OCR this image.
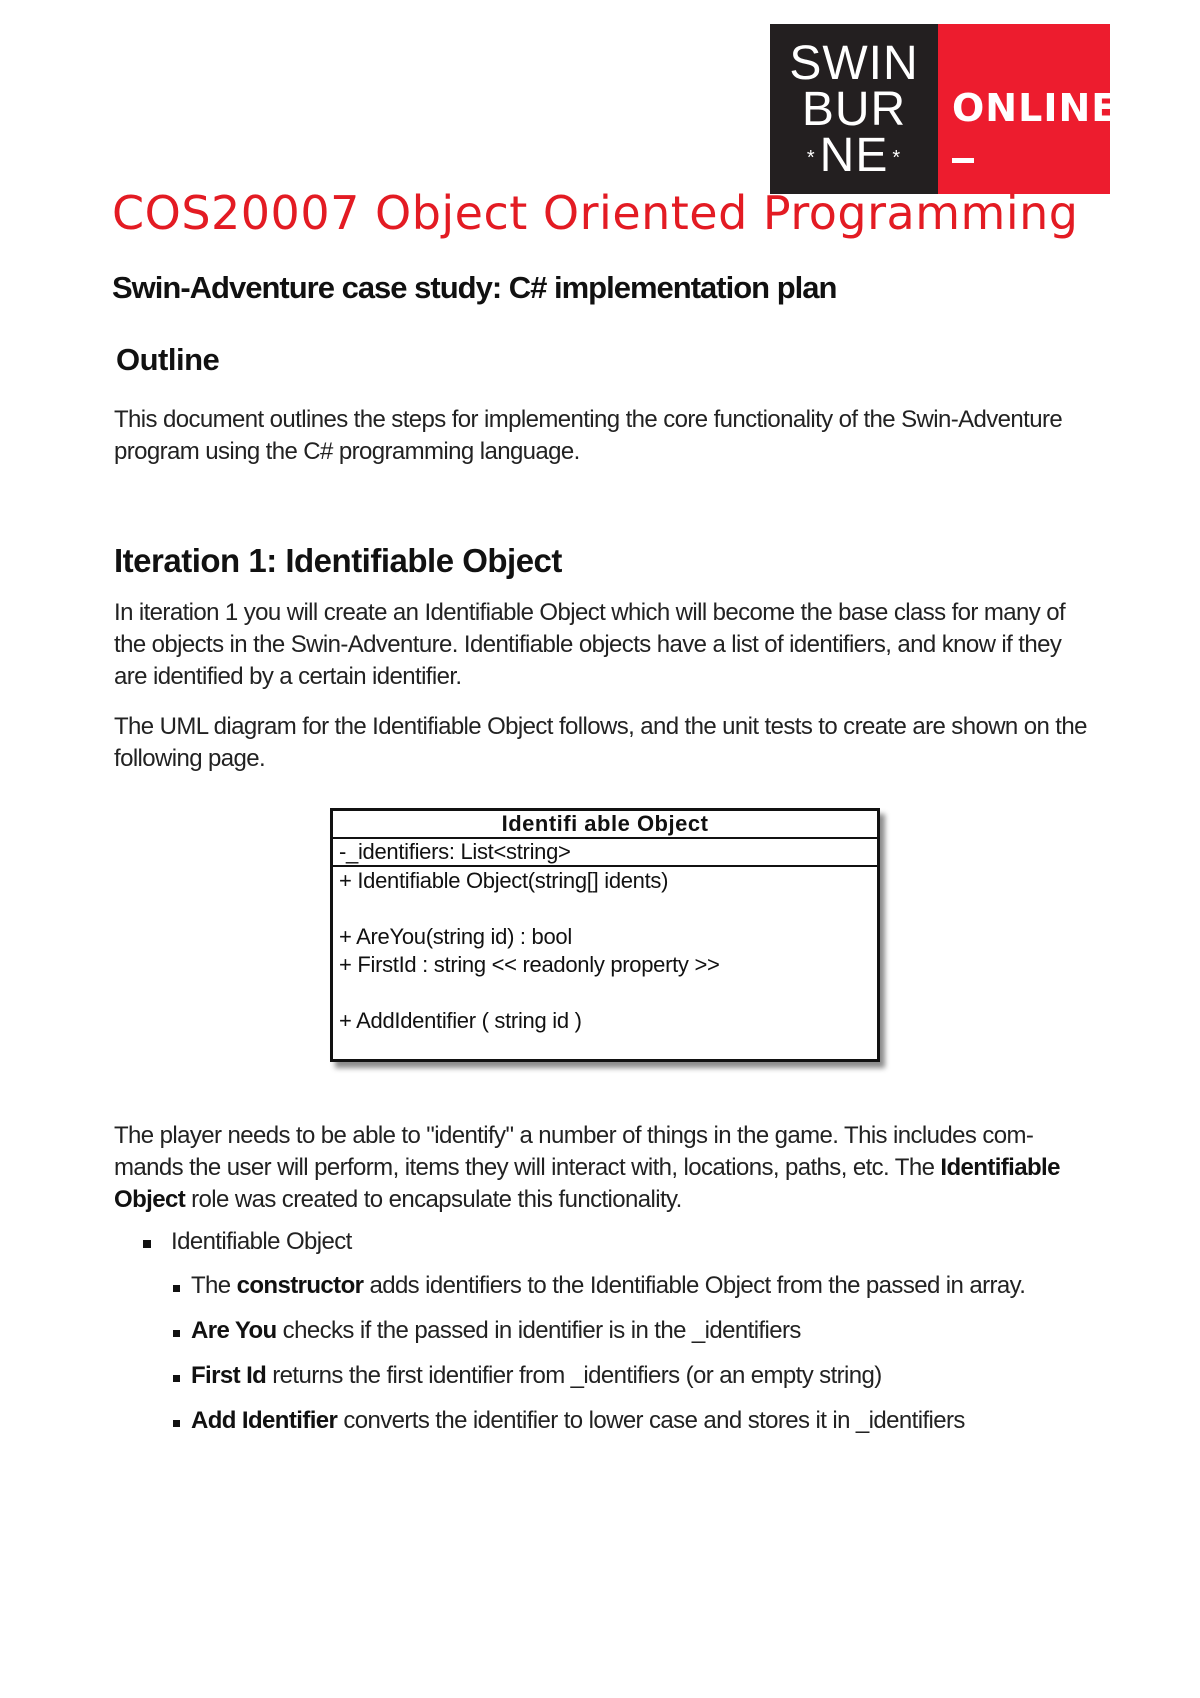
SWIN
BUR
*NE *
ONLINE
COS20007 Object Oriented Programming
Swin-Adventure case study: C# implementation plan
Outline

This document outlines the steps for implementing the core functionality of the Swin-Adventure program using the C# programming language.

Iteration 1: Identifiable Object

In iteration 1 you will create an Identifiable Object which will become the base class for many of the objects in the Swin-Adventure. Identifiable objects have a list of identifiers, and know if they are identified by a certain identifier.

The UML diagram for the Identifiable Object follows, and the unit tests to create are shown on the following page.

Identifi able Object
-_identifiers: List<string>
+ Identifiable Object(string[] idents)
+ AreYou(string id) : bool
+ FirstId : string << readonly property >>
+ AddIdentifier ( string id )

The player needs to be able to "identify" a number of things in the game. This includes com-mands the user will perform, items they will interact with, locations, paths, etc. The Identifiable Object role was created to encapsulate this functionality.

Identifiable Object
The constructor adds identifiers to the Identifiable Object from the passed in array.
Are You checks if the passed in identifier is in the _identifiers
First Id returns the first identifier from _identifiers (or an empty string)
Add Identifier converts the identifier to lower case and stores it in _identifiers
